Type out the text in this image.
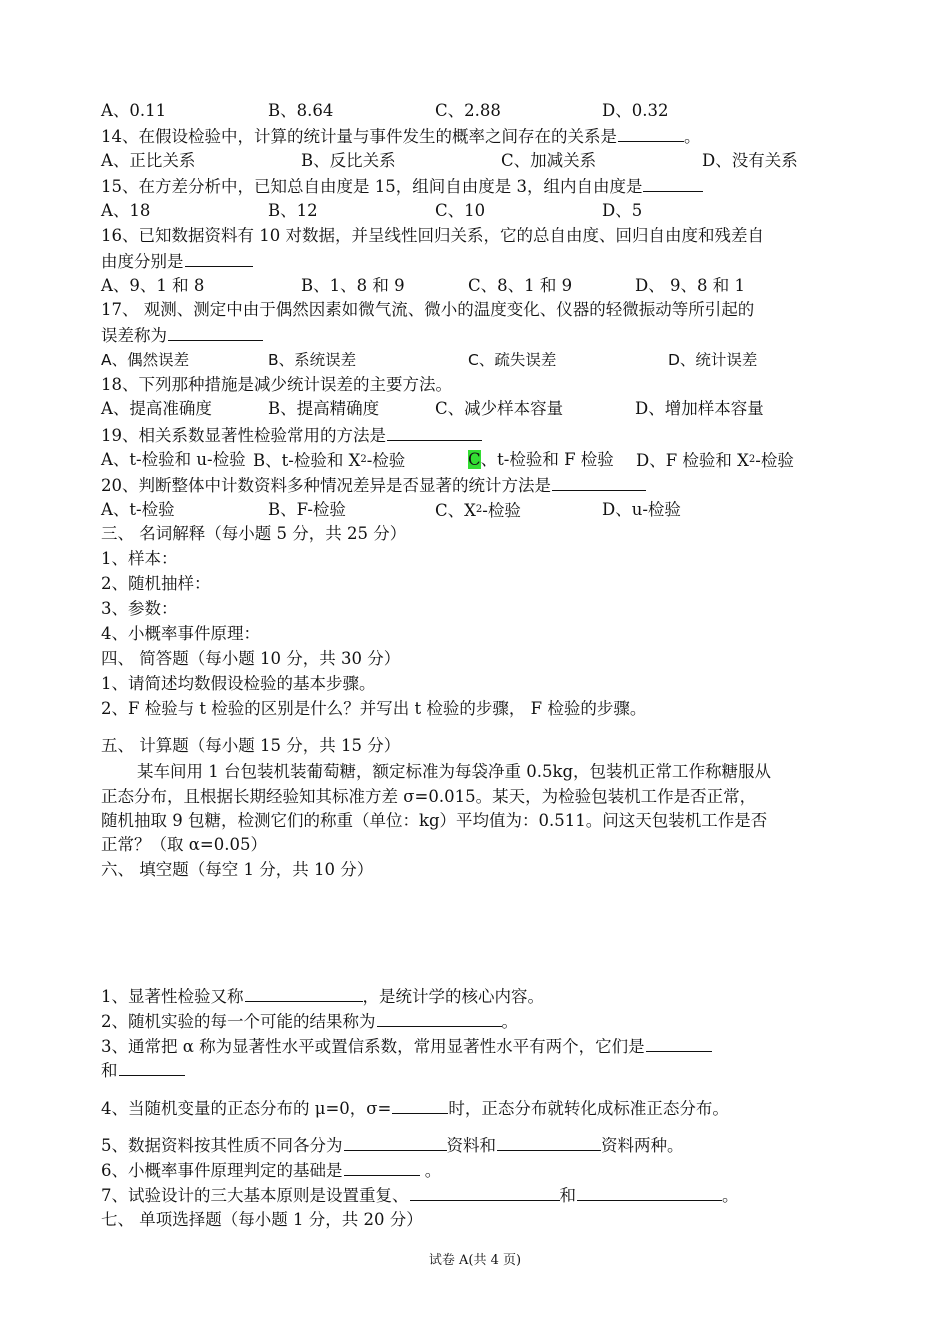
A、0.11	B、8.64	C、2.88	D、0.32
14、在假设检验中，计算的统计量与事件发生的概率之间存在的关系是	。
A、正比关系	B、反比关系	C、加减关系	D、没有关系
15、在方差分析中，已知总自由度是 15，组间自由度是 3，组内自由度是
A、18	B、12	C、10	D、5
16、已知数据资料有 10 对数据，并呈线性回归关系，它的总自由度、回归自由度和残差自
由度分别是
A、9、1 和 8	B、1、8 和 9	C、8、1 和 9	D、 9、8 和 1
17、 观测、测定中由于偶然因素如微气流、微小的温度变化、仪器的轻微振动等所引起的
误差称为
A、偶然误差	B、系统误差	C、疏失误差	D、统计误差
18、下列那种措施是减少统计误差的主要方法。
A、提高准确度	B、提高精确度	C、减少样本容量	D、增加样本容量
19、相关系数显著性检验常用的方法是
A、t-检验和 u-检验 B、t-检验和 $X^2-$检验	C、t-检验和 F 检验 D、F 检验和 $X^2-$检验
20、判断整体中计数资料多种情况差异是否显著的统计方法是
A、t-检验	B、F-检验	C、$X^2-$检验	D、u-检验
三、 名词解释（每小题 5 分，共 25 分）
1、样本：
2、随机抽样：
3、参数：
4、小概率事件原理：
四、 简答题（每小题 10 分，共 30 分）
1、请简述均数假设检验的基本步骤。
2、F 检验与 t 检验的区别是什么？并写出 t 检验的步骤， F 检验的步骤。
五、 计算题（每小题 15 分，共 15 分）
某车间用 1 台包装机装葡萄糖，额定标准为每袋净重 0.5kg，包装机正常工作称糖服从
正态分布，且根据长期经验知其标准方差 σ=0.015。某天，为检验包装机工作是否正常，
随机抽取 9 包糖，检测它们的称重（单位：kg）平均值为：0.511。问这天包装机工作是否
正常？（取 α=0.05）
六、 填空题（每空 1 分，共 10 分）
1、显著性检验又称	，是统计学的核心内容。
2、随机实验的每一个可能的结果称为	。
3、通常把 α 称为显著性水平或置信系数，常用显著性水平有两个，它们是
和
4、当随机变量的正态分布的 μ=0，σ=	时，正态分布就转化成标准正态分布。
5、数据资料按其性质不同各分为	资料和	资料两种。
6、小概率事件原理判定的基础是	。
7、试验设计的三大基本原则是设置重复、	和	。
七、 单项选择题（每小题 1 分，共 20 分）
试卷 A(共 4 页)
